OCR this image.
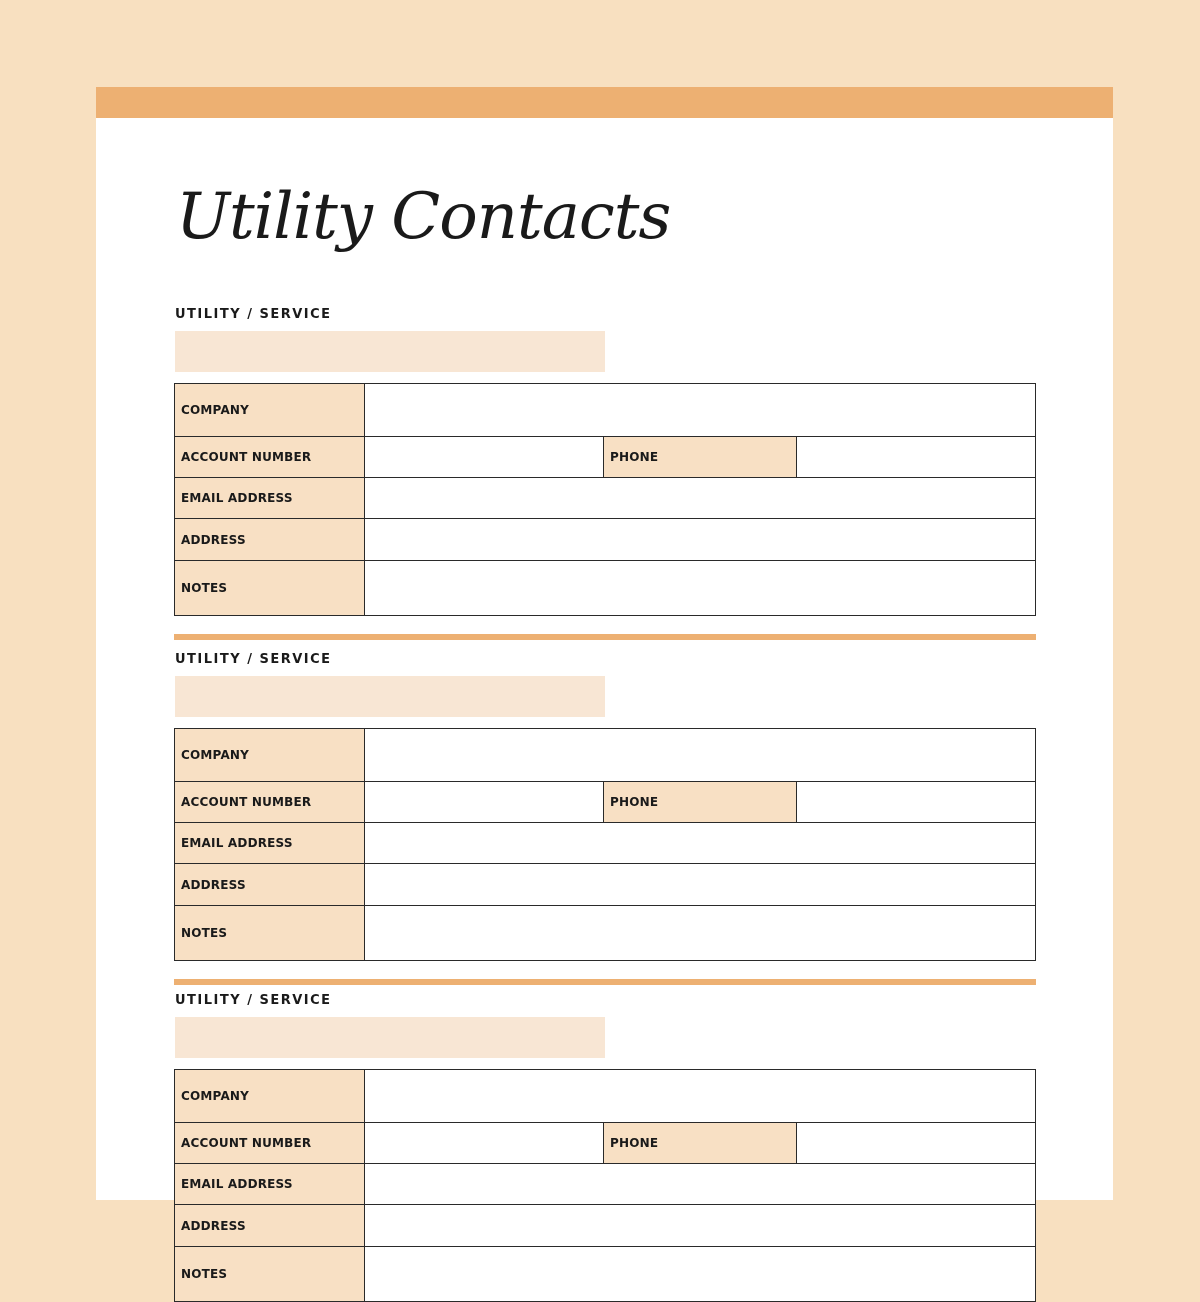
Utility Contacts
UTILITY / SERVICE
COMPANY
ACCOUNT NUMBER	PHONE
EMAIL ADDRESS
ADDRESS
NOTES
UTILITY / SERVICE
COMPANY
ACCOUNT NUMBER	PHONE
EMAIL ADDRESS
ADDRESS
NOTES
UTILITY / SERVICE
COMPANY
ACCOUNT NUMBER	PHONE
EMAIL ADDRESS
ADDRESS
NOTES
